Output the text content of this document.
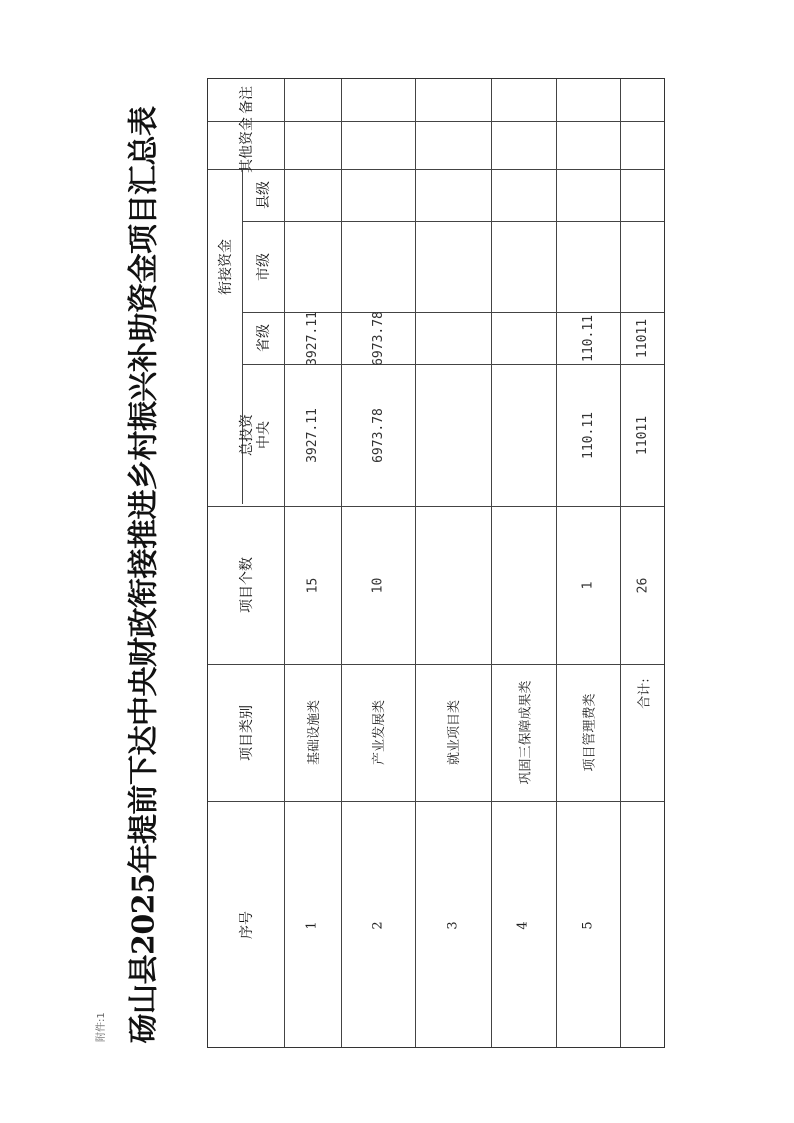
附件:1 砀山县2025年提前下达中央财政衔接推进乡村振兴补助资金项目汇总表	序号
项目类别
项目个数
总投资
衔接资金
中央
省级
市级
县级
其他资金
备注
1
基础设施类
15
3927.11
3927.11
2
产业发展类
10
6973.78
6973.78
3
就业项目类
4
巩固三保障成果类
5
项目管理费类
1
110.11
110.11
合计:
26
11011
11011
